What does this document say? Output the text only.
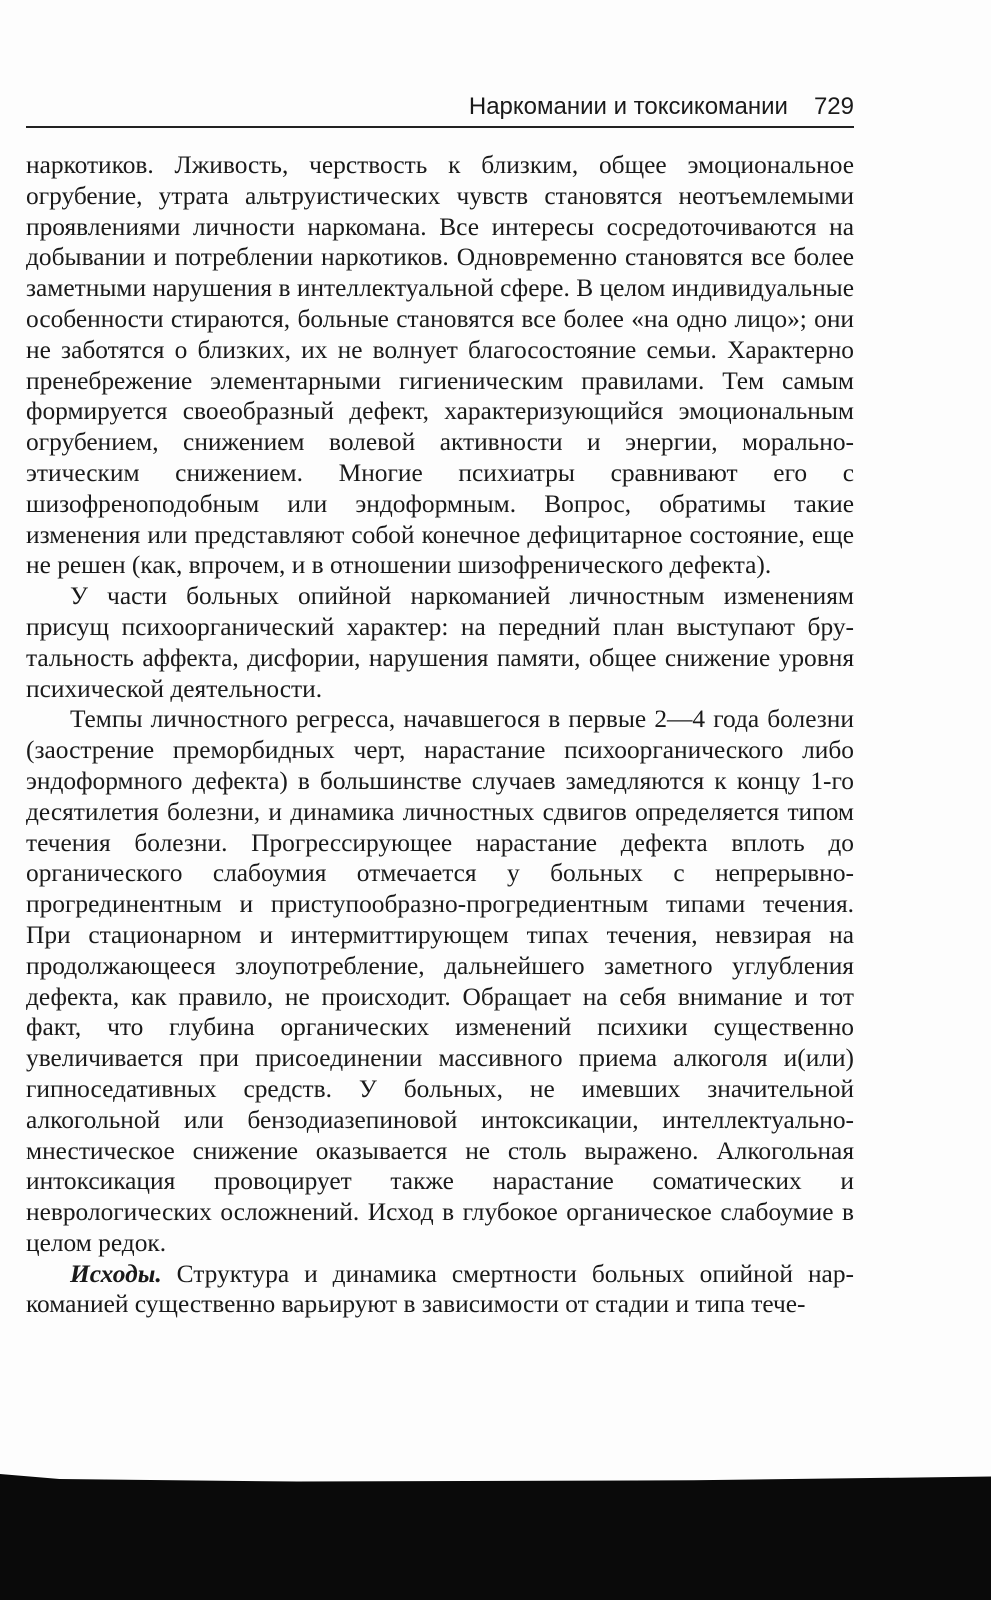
Наркомании и токсикомании 729

наркотиков. Лживость, черствость к близким, общее эмоциональное огрубение, утрата альтруистических чувств становятся неотъемлемыми проявлениями личности наркомана. Все интересы сосредоточиваются на добывании и потреблении наркотиков. Одновременно становятся все более заметными нарушения в интеллектуальной сфере. В целом индивидуальные особенности стираются, больные становятся все более «на одно лицо»; они не заботятся о близких, их не волнует благосостояние семьи. Характерно пренебрежение элементарными гигиеническим правилами. Тем самым формируется своеобразный дефект, характеризующийся эмоциональным огрубением, снижением волевой активности и энергии, морально-этическим снижением. Многие психиатры сравнивают его с шизофреноподобным или эндоформным. Вопрос, обратимы такие изменения или представляют собой конечное дефицитарное состояние, еще не решен (как, впрочем, и в отношении шизофренического дефекта).

У части больных опийной наркоманией личностным изменениям присущ психоорганический характер: на передний план выступают брутальность аффекта, дисфории, нарушения памяти, общее снижение уровня психической деятельности.

Темпы личностного регресса, начавшегося в первые 2—4 года болезни (заострение преморбидных черт, нарастание психоорганического либо эндоформного дефекта) в большинстве случаев замедляются к концу 1-го десятилетия болезни, и динамика личностных сдвигов определяется типом течения болезни. Прогрессирующее нарастание дефекта вплоть до органического слабоумия отмечается у больных с непрерывно-прогрединентным и приступообразно-прогредиентным типами течения. При стационарном и интермиттирующем типах течения, невзирая на продолжающееся злоупотребление, дальнейшего заметного углубления дефекта, как правило, не происходит. Обращает на себя внимание и тот факт, что глубина органических изменений психики существенно увеличивается при присоединении массивного приема алкоголя и(или) гипноседативных средств. У больных, не имевших значительной алкогольной или бензодиазепиновой интоксикации, интеллектуально-мнестическое снижение оказывается не столь выражено. Алкогольная интоксикация провоцирует также нарастание соматических и неврологических осложнений. Исход в глубокое органическое слабоумие в целом редок.

Исходы. Структура и динамика смертности больных опийной наркоманией существенно варьируют в зависимости от стадии и типа тече-
